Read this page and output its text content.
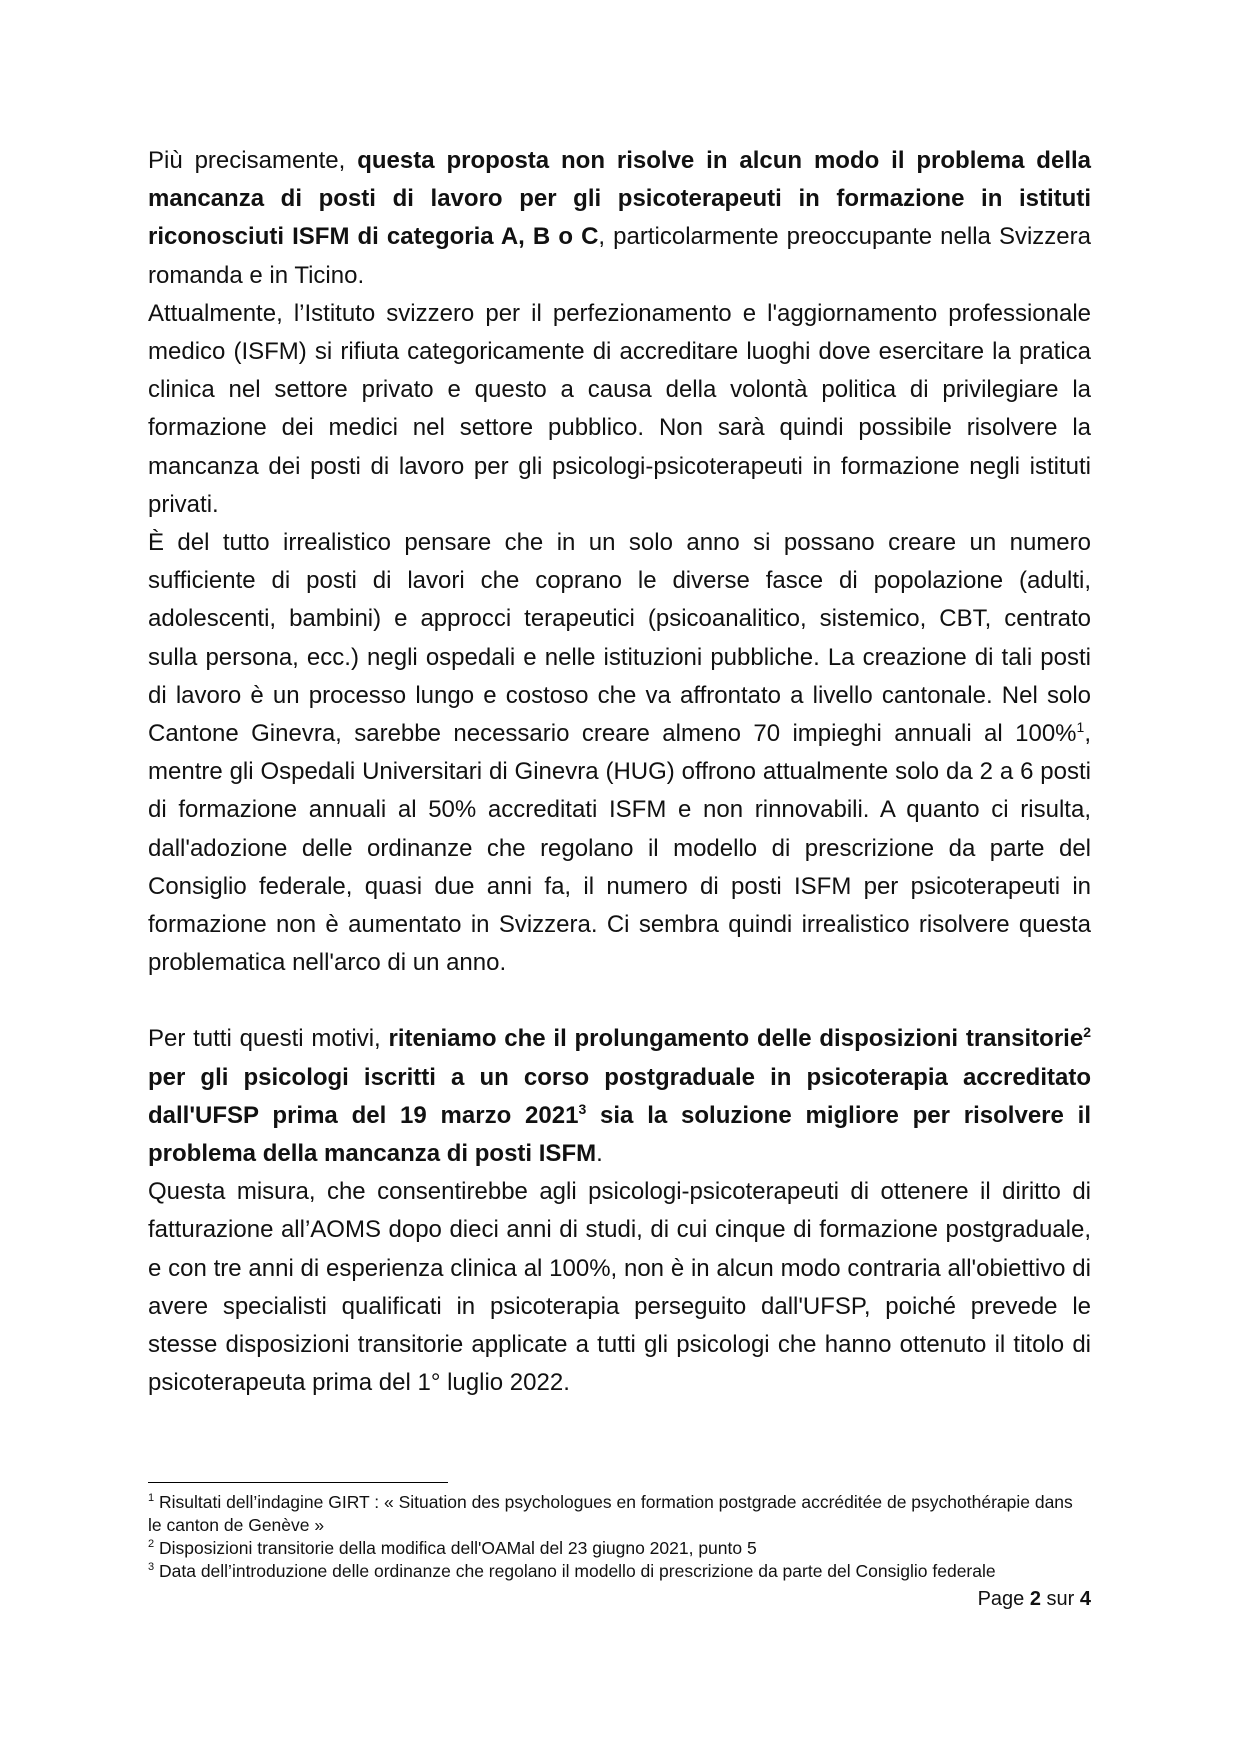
Più precisamente, questa proposta non risolve in alcun modo il problema della mancanza di posti di lavoro per gli psicoterapeuti in formazione in istituti riconosciuti ISFM di categoria A, B o C, particolarmente preoccupante nella Svizzera romanda e in Ticino.

Attualmente, l’Istituto svizzero per il perfezionamento e l'aggiornamento professionale medico (ISFM) si rifiuta categoricamente di accreditare luoghi dove esercitare la pratica clinica nel settore privato e questo a causa della volontà politica di privilegiare la formazione dei medici nel settore pubblico. Non sarà quindi possibile risolvere la mancanza dei posti di lavoro per gli psicologi-psicoterapeuti in formazione negli istituti privati.

È del tutto irrealistico pensare che in un solo anno si possano creare un numero sufficiente di posti di lavori che coprano le diverse fasce di popolazione (adulti, adolescenti, bambini) e approcci terapeutici (psicoanalitico, sistemico, CBT, centrato sulla persona, ecc.) negli ospedali e nelle istituzioni pubbliche. La creazione di tali posti di lavoro è un processo lungo e costoso che va affrontato a livello cantonale. Nel solo Cantone Ginevra, sarebbe necessario creare almeno 70 impieghi annuali al 100%$^1$, mentre gli Ospedali Universitari di Ginevra (HUG) offrono attualmente solo da 2 a 6 posti di formazione annuali al 50% accreditati ISFM e non rinnovabili. A quanto ci risulta, dall'adozione delle ordinanze che regolano il modello di prescrizione da parte del Consiglio federale, quasi due anni fa, il numero di posti ISFM per psicoterapeuti in formazione non è aumentato in Svizzera. Ci sembra quindi irrealistico risolvere questa problematica nell'arco di un anno.

Per tutti questi motivi, riteniamo che il prolungamento delle disposizioni transitorie$^2$ per gli psicologi iscritti a un corso postgraduale in psicoterapia accreditato dall'UFSP prima del 19 marzo 2021$^3$ sia la soluzione migliore per risolvere il problema della mancanza di posti ISFM.

Questa misura, che consentirebbe agli psicologi-psicoterapeuti di ottenere il diritto di fatturazione all’AOMS dopo dieci anni di studi, di cui cinque di formazione postgraduale, e con tre anni di esperienza clinica al 100%, non è in alcun modo contraria all'obiettivo di avere specialisti qualificati in psicoterapia perseguito dall'UFSP, poiché prevede le stesse disposizioni transitorie applicate a tutti gli psicologi che hanno ottenuto il titolo di psicoterapeuta prima del 1° luglio 2022.

$^1$ Risultati dell’indagine GIRT : « Situation des psychologues en formation postgrade accréditée de psychothérapie dans le canton de Genève »

$^2$ Disposizioni transitorie della modifica dell'OAMal del 23 giugno 2021, punto 5

$^3$ Data dell’introduzione delle ordinanze che regolano il modello di prescrizione da parte del Consiglio federale

Page 2 sur 4
